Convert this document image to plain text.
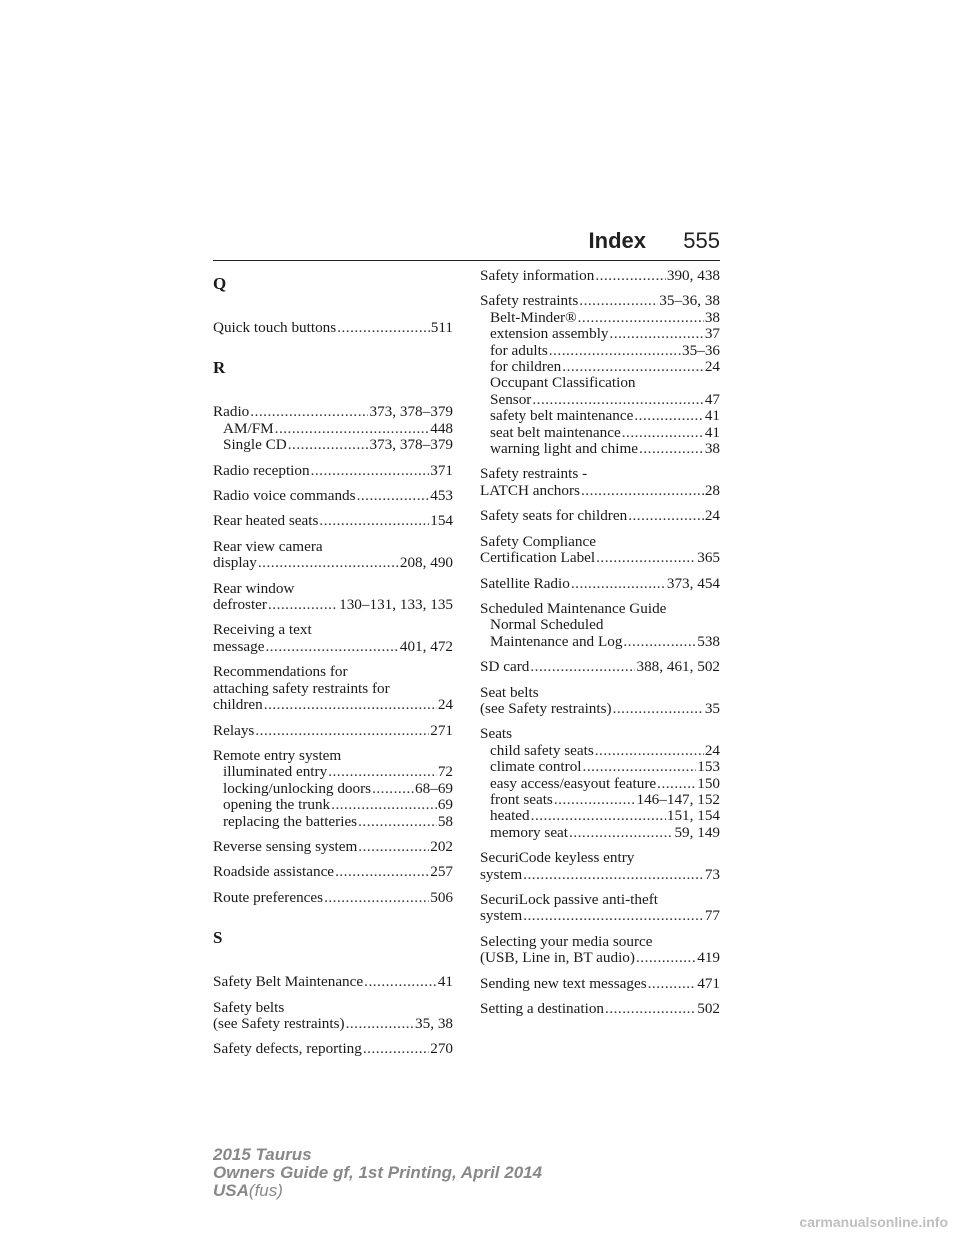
Index 555
Q
Quick touch buttons .....	511
R
Radio .....	373, 378–379
AM/FM .....	448
Single CD .....	373, 378–379
Radio reception .....	371
Radio voice commands .....	453
Rear heated seats .....	154
Rear view camera
display .....	208, 490
Rear window
defroster .....	130–131, 133, 135
Receiving a text
message .....	401, 472
Recommendations for
attaching safety restraints for
children .....	24
Relays .....	271
Remote entry system
illuminated entry .....	72
locking/unlocking doors .....	68–69
opening the trunk .....	69
replacing the batteries .....	58
Reverse sensing system .....	202
Roadside assistance .....	257
Route preferences .....	506
S
Safety Belt Maintenance .....	41
Safety belts
(see Safety restraints) .....	35, 38
Safety defects, reporting .....	270
Safety information .....	390, 438
Safety restraints .....	35–36, 38
Belt-Minder® .....	38
extension assembly .....	37
for adults .....	35–36
for children .....	24
Occupant Classification
Sensor .....	47
safety belt maintenance .....	41
seat belt maintenance .....	41
warning light and chime .....	38
Safety restraints -
LATCH anchors .....	28
Safety seats for children .....	24
Safety Compliance
Certification Label .....	365
Satellite Radio .....	373, 454
Scheduled Maintenance Guide
Normal Scheduled
Maintenance and Log .....	538
SD card .....	388, 461, 502
Seat belts
(see Safety restraints) .....	35
Seats
child safety seats .....	24
climate control .....	153
easy access/easyout feature .....	150
front seats .....	146–147, 152
heated .....	151, 154
memory seat .....	59, 149
SecuriCode keyless entry
system .....	73
SecuriLock passive anti-theft
system .....	77
Selecting your media source
(USB, Line in, BT audio) .....	419
Sending new text messages .....	471
Setting a destination .....	502
2015 Taurus
Owners Guide gf, 1st Printing, April 2014
USA(fus)
carmanualsonline.info
